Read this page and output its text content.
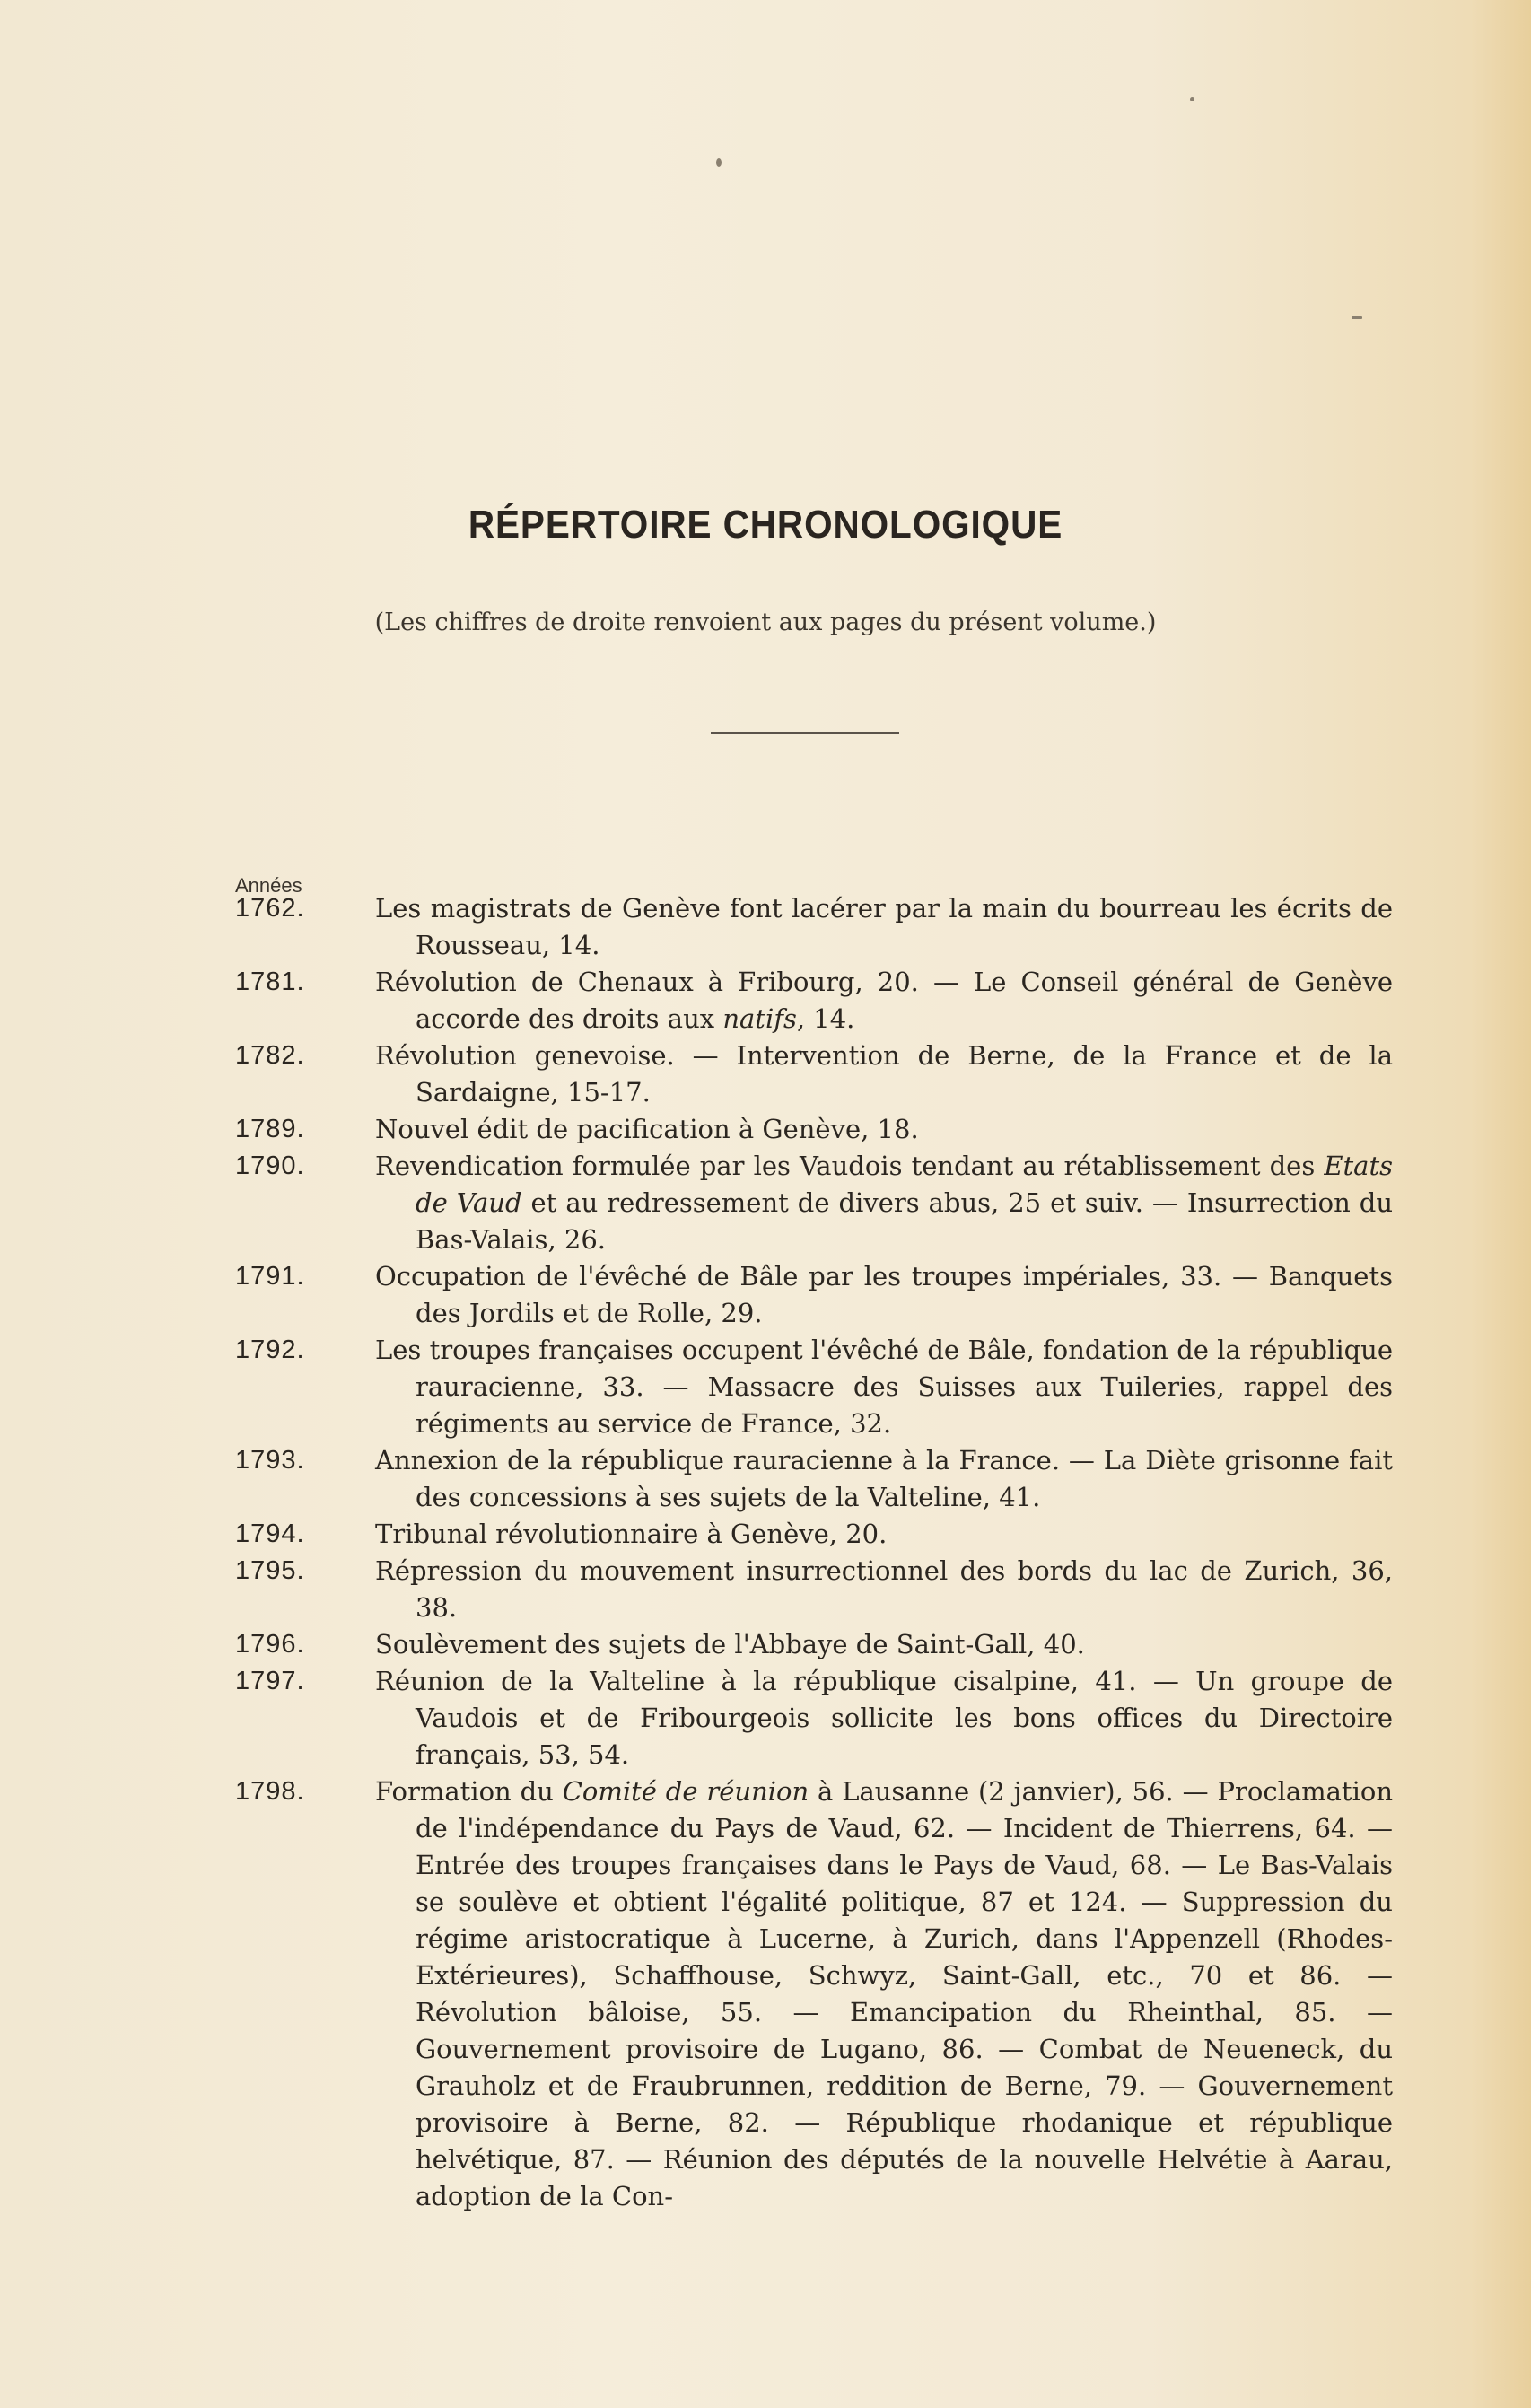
RÉPERTOIRE CHRONOLOGIQUE
(Les chiffres de droite renvoient aux pages du présent volume.)
Années
1762.	Les magistrats de Genève font lacérer par la main du bourreau les écrits de Rousseau, 14.
1781.	Révolution de Chenaux à Fribourg, 20. — Le Conseil général de Genève accorde des droits aux natifs, 14.
1782.	Révolution genevoise. — Intervention de Berne, de la France et de la Sardaigne, 15-17.
1789.	Nouvel édit de pacification à Genève, 18.
1790.	Revendication formulée par les Vaudois tendant au rétablissement des Etats de Vaud et au redressement de divers abus, 25 et suiv. — Insurrection du Bas-Valais, 26.
1791.	Occupation de l'évêché de Bâle par les troupes impériales, 33. — Banquets des Jordils et de Rolle, 29.
1792.	Les troupes françaises occupent l'évêché de Bâle, fondation de la république rauracienne, 33. — Massacre des Suisses aux Tuileries, rappel des régiments au service de France, 32.
1793.	Annexion de la république rauracienne à la France. — La Diète grisonne fait des concessions à ses sujets de la Valteline, 41.
1794.	Tribunal révolutionnaire à Genève, 20.
1795.	Répression du mouvement insurrectionnel des bords du lac de Zurich, 36, 38.
1796.	Soulèvement des sujets de l'Abbaye de Saint-Gall, 40.
1797.	Réunion de la Valteline à la république cisalpine, 41. — Un groupe de Vaudois et de Fribourgeois sollicite les bons offices du Directoire français, 53, 54.
1798.	Formation du Comité de réunion à Lausanne (2 janvier), 56. — Proclamation de l'indépendance du Pays de Vaud, 62. — Incident de Thierrens, 64. — Entrée des troupes françaises dans le Pays de Vaud, 68. — Le Bas-Valais se soulève et obtient l'égalité politique, 87 et 124. — Suppression du régime aristocratique à Lucerne, à Zurich, dans l'Appenzell (Rhodes-Extérieures), Schaffhouse, Schwyz, Saint-Gall, etc., 70 et 86. — Révolution bâloise, 55. — Emancipation du Rheinthal, 85. — Gouvernement provisoire de Lugano, 86. — Combat de Neueneck, du Grauholz et de Fraubrunnen, reddition de Berne, 79. — Gouvernement provisoire à Berne, 82. — République rhodanique et république helvétique, 87. — Réunion des députés de la nouvelle Helvétie à Aarau, adoption de la Con-
